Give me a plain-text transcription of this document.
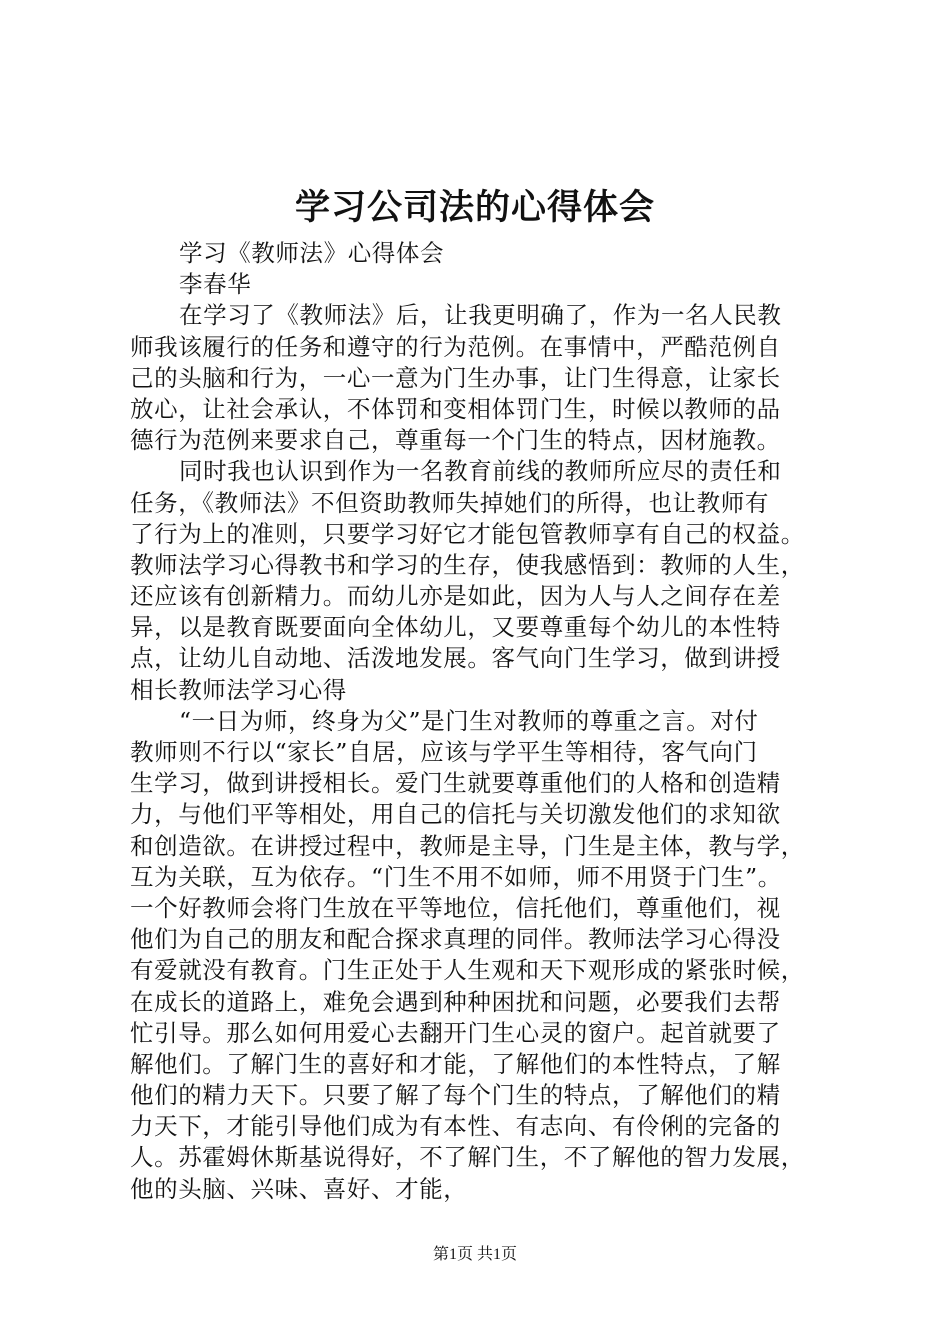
学习公司法的心得体会
学习《教师法》心得体会
李春华
在学习了《教师法》后，让我更明确了，作为一名人民教
师我该履行的任务和遵守的行为范例。在事情中，严酷范例自
己的头脑和行为，一心一意为门生办事，让门生得意，让家长
放心，让社会承认，不体罚和变相体罚门生，时候以教师的品
德行为范例来要求自己，尊重每一个门生的特点，因材施教。
同时我也认识到作为一名教育前线的教师所应尽的责任和
任务，《教师法》不但资助教师失掉她们的所得，也让教师有
了行为上的准则，只要学习好它才能包管教师享有自己的权益。
教师法学习心得教书和学习的生存，使我感悟到：教师的人生，
还应该有创新精力。而幼儿亦是如此，因为人与人之间存在差
异，以是教育既要面向全体幼儿，又要尊重每个幼儿的本性特
点，让幼儿自动地、活泼地发展。客气向门生学习，做到讲授
相长教师法学习心得
“一日为师，终身为父”是门生对教师的尊重之言。对付
教师则不行以“家长”自居，应该与学平生等相待，客气向门
生学习，做到讲授相长。爱门生就要尊重他们的人格和创造精
力，与他们平等相处，用自己的信托与关切激发他们的求知欲
和创造欲。在讲授过程中，教师是主导，门生是主体，教与学，
互为关联，互为依存。“门生不用不如师，师不用贤于门生”。
一个好教师会将门生放在平等地位，信托他们，尊重他们，视
他们为自己的朋友和配合探求真理的同伴。教师法学习心得没
有爱就没有教育。门生正处于人生观和天下观形成的紧张时候，
在成长的道路上，难免会遇到种种困扰和问题，必要我们去帮
忙引导。那么如何用爱心去翻开门生心灵的窗户。起首就要了
解他们。了解门生的喜好和才能，了解他们的本性特点，了解
他们的精力天下。只要了解了每个门生的特点，了解他们的精
力天下，才能引导他们成为有本性、有志向、有伶俐的完备的
人。苏霍姆休斯基说得好，不了解门生，不了解他的智力发展，
他的头脑、兴味、喜好、才能，
第1页 共1页
